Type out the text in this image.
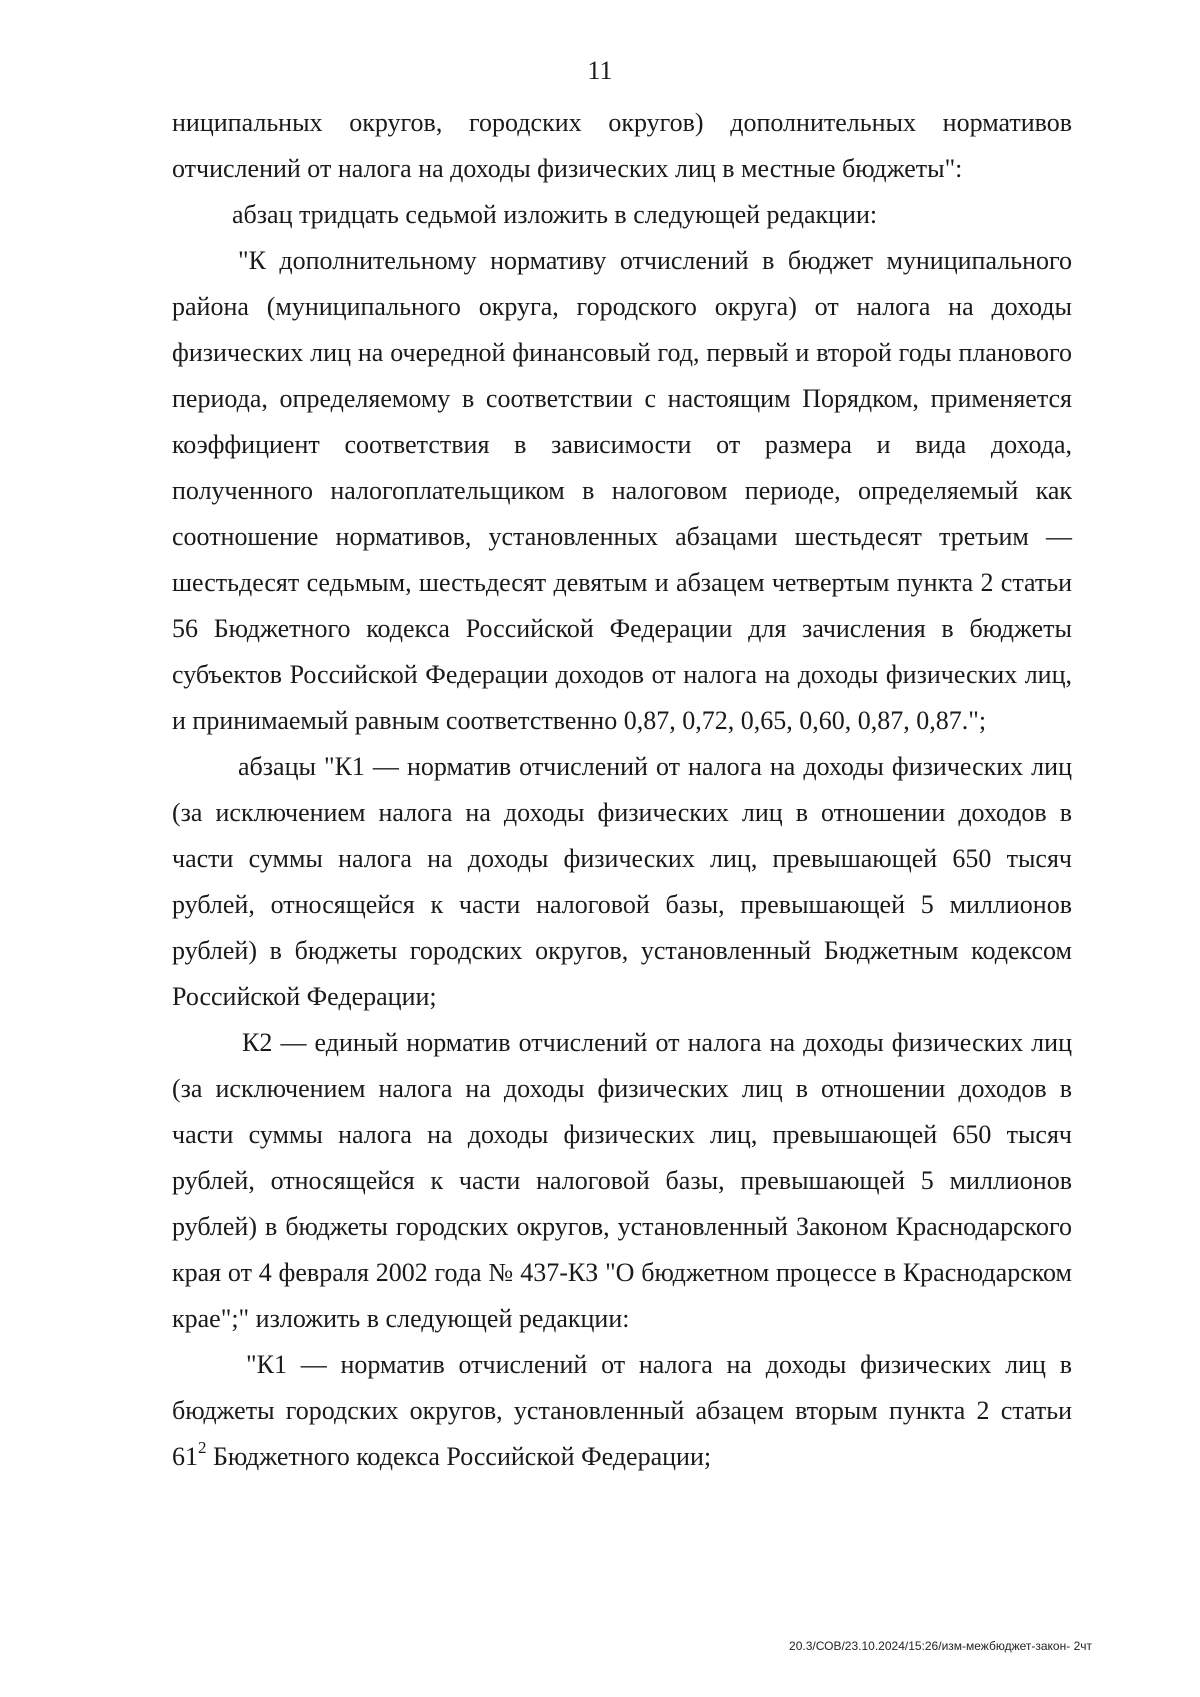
11

ниципальных округов, городских округов) дополнительных нормативов отчислений от налога на доходы физических лиц в местные бюджеты":

абзац тридцать седьмой изложить в следующей редакции:

"К дополнительному нормативу отчислений в бюджет муниципального района (муниципального округа, городского округа) от налога на доходы физических лиц на очередной финансовый год, первый и второй годы планового периода, определяемому в соответствии с настоящим Порядком, применяется коэффициент соответствия в зависимости от размера и вида дохода, полученного налогоплательщиком в налоговом периоде, определяемый как соотношение нормативов, установленных абзацами шестьдесят третьим — шестьдесят седьмым, шестьдесят девятым и абзацем четвертым пункта 2 статьи 56 Бюджетного кодекса Российской Федерации для зачисления в бюджеты субъектов Российской Федерации доходов от налога на доходы физических лиц, и принимаемый равным соответственно 0,87, 0,72, 0,65, 0,60, 0,87, 0,87.";

абзацы "К1 — норматив отчислений от налога на доходы физических лиц (за исключением налога на доходы физических лиц в отношении доходов в части суммы налога на доходы физических лиц, превышающей 650 тысяч рублей, относящейся к части налоговой базы, превышающей 5 миллионов рублей) в бюджеты городских округов, установленный Бюджетным кодексом Российской Федерации;

К2 — единый норматив отчислений от налога на доходы физических лиц (за исключением налога на доходы физических лиц в отношении доходов в части суммы налога на доходы физических лиц, превышающей 650 тысяч рублей, относящейся к части налоговой базы, превышающей 5 миллионов рублей) в бюджеты городских округов, установленный Законом Краснодарского края от 4 февраля 2002 года № 437-КЗ "О бюджетном процессе в Краснодарском крае";" изложить в следующей редакции:

"К1 — норматив отчислений от налога на доходы физических лиц в бюджеты городских округов, установленный абзацем вторым пункта 2 статьи $61^2$ Бюджетного кодекса Российской Федерации;

20.3/СОВ/23.10.2024/15:26/изм-межбюджет-закон- 2чт
